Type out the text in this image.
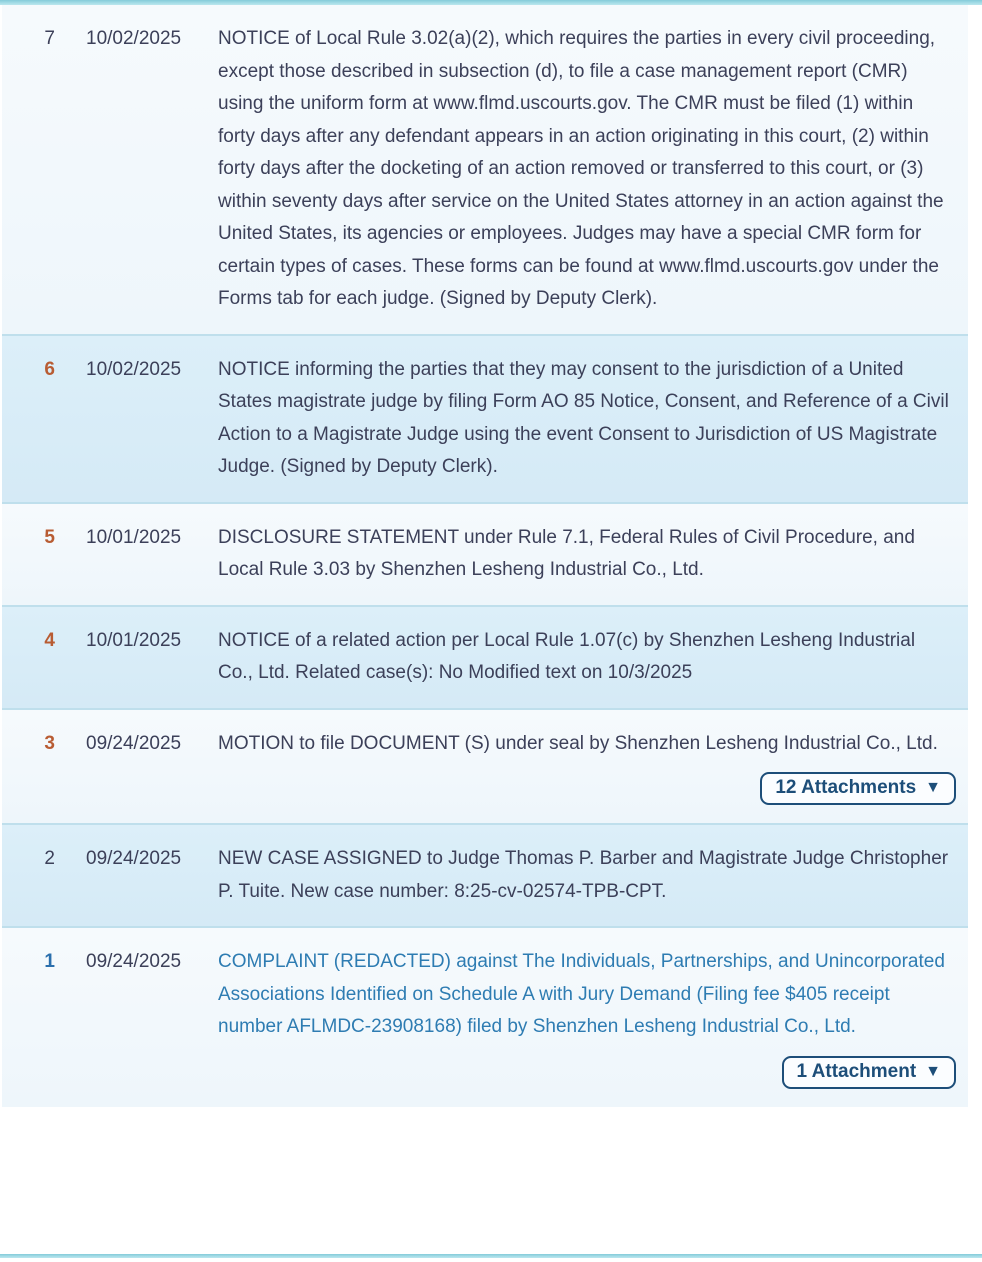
7 10/02/2025	NOTICE of Local Rule 3.02(a)(2), which requires the parties in every civil proceeding, except those described in subsection (d), to file a case management report (CMR) using the uniform form at www.flmd.uscourts.gov. The CMR must be filed (1) within forty days after any defendant appears in an action originating in this court, (2) within forty days after the docketing of an action removed or transferred to this court, or (3) within seventy days after service on the United States attorney in an action against the United States, its agencies or employees. Judges may have a special CMR form for certain types of cases. These forms can be found at www.flmd.uscourts.gov under the Forms tab for each judge. (Signed by Deputy Clerk).
6 10/02/2025	NOTICE informing the parties that they may consent to the jurisdiction of a United States magistrate judge by filing Form AO 85 Notice, Consent, and Reference of a Civil Action to a Magistrate Judge using the event Consent to Jurisdiction of US Magistrate Judge. (Signed by Deputy Clerk).
5 10/01/2025	DISCLOSURE STATEMENT under Rule 7.1, Federal Rules of Civil Procedure, and Local Rule 3.03 by Shenzhen Lesheng Industrial Co., Ltd.
4 10/01/2025	NOTICE of a related action per Local Rule 1.07(c) by Shenzhen Lesheng Industrial Co., Ltd. Related case(s): No Modified text on 10/3/2025
3 09/24/2025	MOTION to file DOCUMENT (S) under seal by Shenzhen Lesheng Industrial Co., Ltd.
12 Attachments ▼
2 09/24/2025	NEW CASE ASSIGNED to Judge Thomas P. Barber and Magistrate Judge Christopher P. Tuite. New case number: 8:25-cv-02574-TPB-CPT.
1 09/24/2025	COMPLAINT (REDACTED) against The Individuals, Partnerships, and Unincorporated Associations Identified on Schedule A with Jury Demand (Filing fee $405 receipt number AFLMDC-23908168) filed by Shenzhen Lesheng Industrial Co., Ltd.
1 Attachment ▼
